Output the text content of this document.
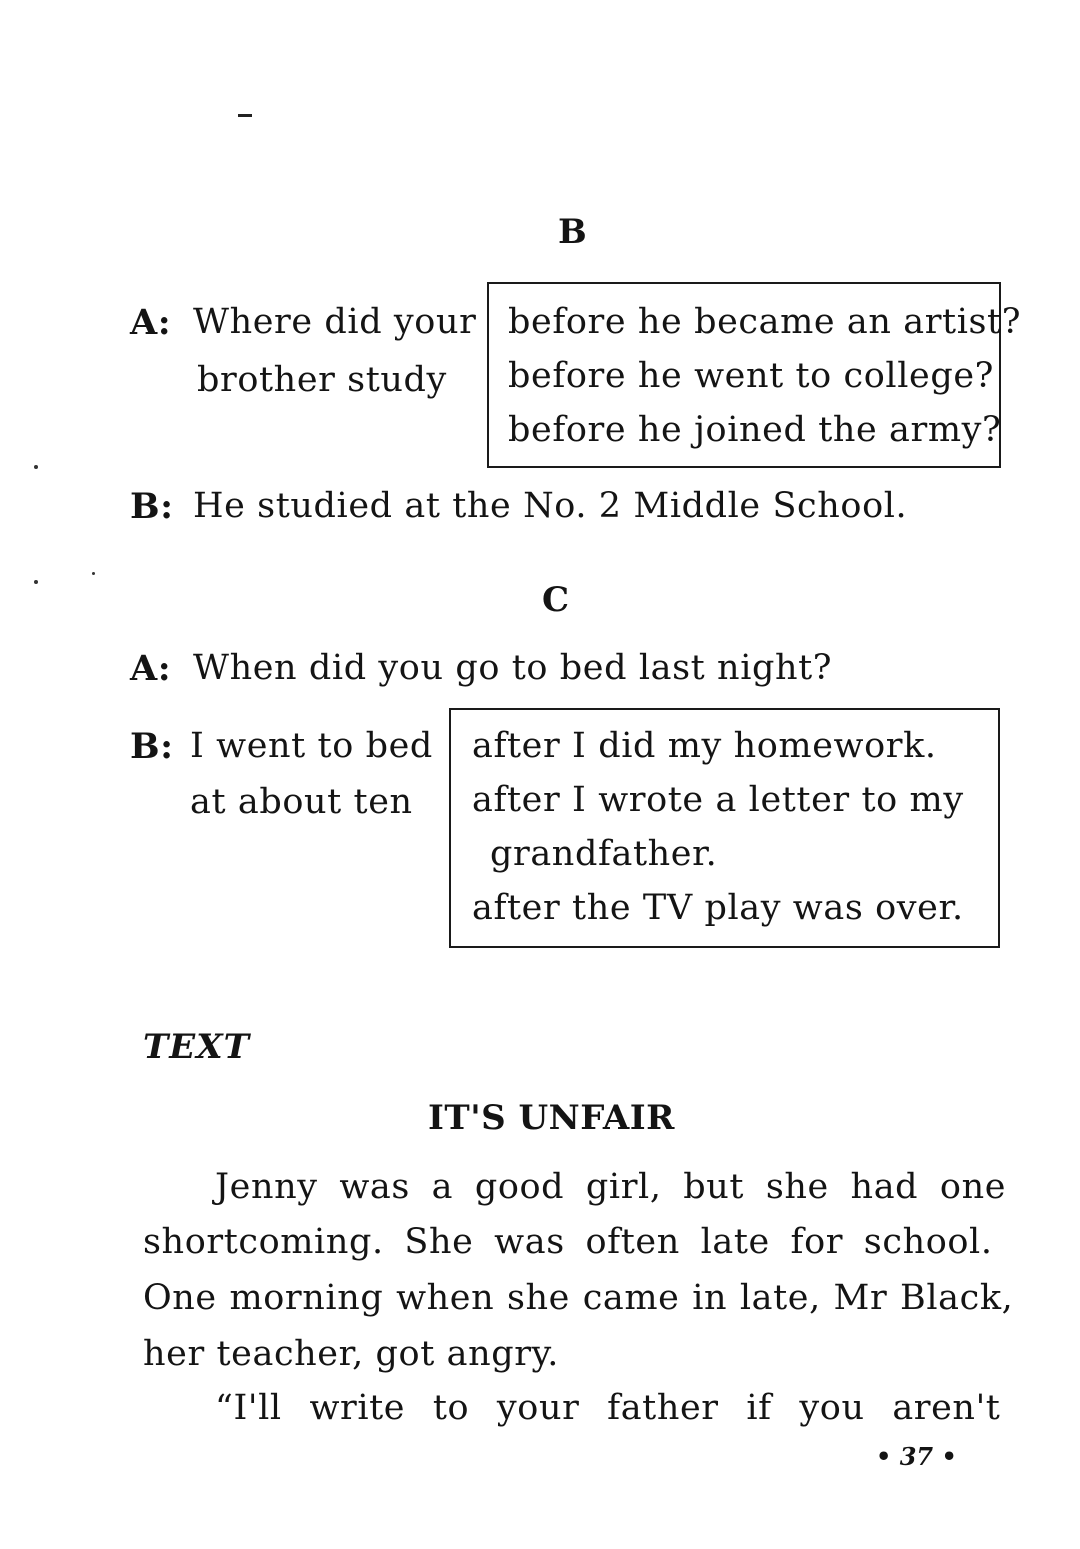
B
A: Where did your
brother study
before he became an artist?
before he went to college?
before he joined the army?
B: He studied at the No. 2 Middle School.
C
A: When did you go to bed last night?
B: I went to bed
at about ten
after I did my homework.
after I wrote a letter to my
grandfather.
after the TV play was over.
TEXT
IT'S UNFAIR
Jenny was a good girl, but she had one
shortcoming. She was often late for school.
One morning when she came in late, Mr Black,
her teacher, got angry.
“I'll write to your father if you aren't
• 37 •
